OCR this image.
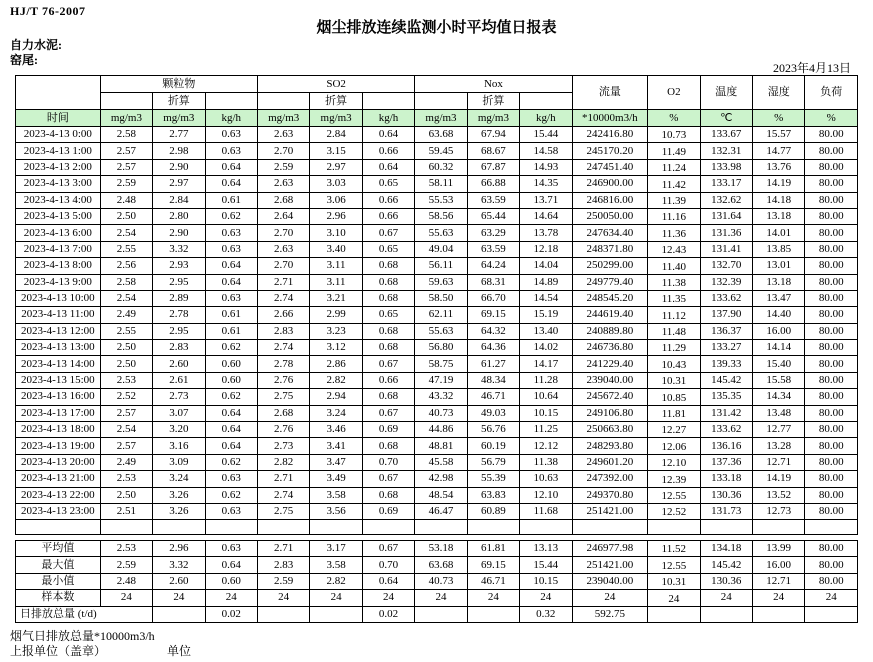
HJ/T 76-2007
烟尘排放连续监测小时平均值日报表
自力水泥:
窑尾:
2023年4月13日
	颗粒物			SO2			Nox			流量	O2	温度	湿度	负荷
		折算			折算			折算						
时间	mg/m3	mg/m3	kg/h	mg/m3	mg/m3	kg/h	mg/m3	mg/m3	kg/h	*10000m3/h	%	℃	%	%
2023-4-13 0:00	2.58	2.77	0.63	2.63	2.84	0.64	63.68	67.94	15.44	242416.80	10.73	133.67	15.57	80.00
2023-4-13 1:00	2.57	2.98	0.63	2.70	3.15	0.66	59.45	68.67	14.58	245170.20	11.49	132.31	14.77	80.00
2023-4-13 2:00	2.57	2.90	0.64	2.59	2.97	0.64	60.32	67.87	14.93	247451.40	11.24	133.98	13.76	80.00
2023-4-13 3:00	2.59	2.97	0.64	2.63	3.03	0.65	58.11	66.88	14.35	246900.00	11.42	133.17	14.19	80.00
2023-4-13 4:00	2.48	2.84	0.61	2.68	3.06	0.66	55.53	63.59	13.71	246816.00	11.39	132.62	14.18	80.00
2023-4-13 5:00	2.50	2.80	0.62	2.64	2.96	0.66	58.56	65.44	14.64	250050.00	11.16	131.64	13.18	80.00
2023-4-13 6:00	2.54	2.90	0.63	2.70	3.10	0.67	55.63	63.29	13.78	247634.40	11.36	131.36	14.01	80.00
2023-4-13 7:00	2.55	3.32	0.63	2.63	3.40	0.65	49.04	63.59	12.18	248371.80	12.43	131.41	13.85	80.00
2023-4-13 8:00	2.56	2.93	0.64	2.70	3.11	0.68	56.11	64.24	14.04	250299.00	11.40	132.70	13.01	80.00
2023-4-13 9:00	2.58	2.95	0.64	2.71	3.11	0.68	59.63	68.31	14.89	249779.40	11.38	132.39	13.18	80.00
2023-4-13 10:00	2.54	2.89	0.63	2.74	3.21	0.68	58.50	66.70	14.54	248545.20	11.35	133.62	13.47	80.00
2023-4-13 11:00	2.49	2.78	0.61	2.66	2.99	0.65	62.11	69.15	15.19	244619.40	11.12	137.90	14.40	80.00
2023-4-13 12:00	2.55	2.95	0.61	2.83	3.23	0.68	55.63	64.32	13.40	240889.80	11.48	136.37	16.00	80.00
2023-4-13 13:00	2.50	2.83	0.62	2.74	3.12	0.68	56.80	64.36	14.02	246736.80	11.29	133.27	14.14	80.00
2023-4-13 14:00	2.50	2.60	0.60	2.78	2.86	0.67	58.75	61.27	14.17	241229.40	10.43	139.33	15.40	80.00
2023-4-13 15:00	2.53	2.61	0.60	2.76	2.82	0.66	47.19	48.34	11.28	239040.00	10.31	145.42	15.58	80.00
2023-4-13 16:00	2.52	2.73	0.62	2.75	2.94	0.68	43.32	46.71	10.64	245672.40	10.85	135.35	14.34	80.00
2023-4-13 17:00	2.57	3.07	0.64	2.68	3.24	0.67	40.73	49.03	10.15	249106.80	11.81	131.42	13.48	80.00
2023-4-13 18:00	2.54	3.20	0.64	2.76	3.46	0.69	44.86	56.76	11.25	250663.80	12.27	133.62	12.77	80.00
2023-4-13 19:00	2.57	3.16	0.64	2.73	3.41	0.68	48.81	60.19	12.12	248293.80	12.06	136.16	13.28	80.00
2023-4-13 20:00	2.49	3.09	0.62	2.82	3.47	0.70	45.58	56.79	11.38	249601.20	12.10	137.36	12.71	80.00
2023-4-13 21:00	2.53	3.24	0.63	2.71	3.49	0.67	42.98	55.39	10.63	247392.00	12.39	133.18	14.19	80.00
2023-4-13 22:00	2.50	3.26	0.62	2.74	3.58	0.68	48.54	63.83	12.10	249370.80	12.55	130.36	13.52	80.00
2023-4-13 23:00	2.51	3.26	0.63	2.75	3.56	0.69	46.47	60.89	11.68	251421.00	12.52	131.73	12.73	80.00

平均值	2.53	2.96	0.63	2.71	3.17	0.67	53.18	61.81	13.13	246977.98	11.52	134.18	13.99	80.00
最大值	2.59	3.32	0.64	2.83	3.58	0.70	63.68	69.15	15.44	251421.00	12.55	145.42	16.00	80.00
最小值	2.48	2.60	0.60	2.59	2.82	0.64	40.73	46.71	10.15	239040.00	10.31	130.36	12.71	80.00
样本数	24	24	24	24	24	24	24	24	24	24	24	24	24	24
日排放总量 (t/d)			0.02			0.02			0.32	592.75				
烟气日排放总量*10000m3/h
上报单位（盖章）	单位
